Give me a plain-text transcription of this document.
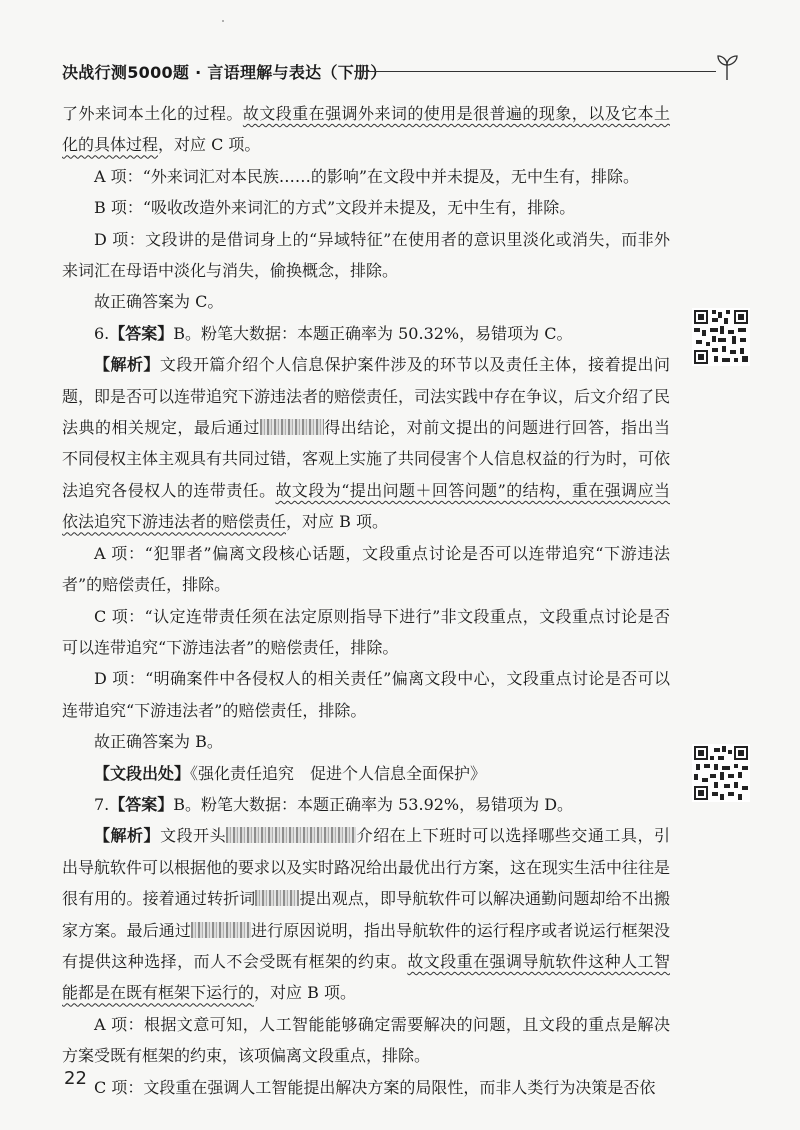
决战行测5000题 · 言语理解与表达（下册）

了外来词本土化的过程。故文段重在强调外来词的使用是很普遍的现象，以及它本土化的具体过程，对应 C 项。

A 项：“外来词汇对本民族……的影响”在文段中并未提及，无中生有，排除。

B 项：“吸收改造外来词汇的方式”文段并未提及，无中生有，排除。

D 项：文段讲的是借词身上的“异域特征”在使用者的意识里淡化或消失，而非外来词汇在母语中淡化与消失，偷换概念，排除。

故正确答案为 C。

6.【答案】B。粉笔大数据：本题正确率为 50.32%，易错项为 C。

【解析】文段开篇介绍个人信息保护案件涉及的环节以及责任主体，接着提出问题，即是否可以连带追究下游违法者的赔偿责任，司法实践中存在争议，后文介绍了民法典的相关规定，最后通过	得出结论，对前文提出的问题进行回答，指出当不同侵权主体主观具有共同过错，客观上实施了共同侵害个人信息权益的行为时，可依法追究各侵权人的连带责任。故文段为“提出问题＋回答问题”的结构，重在强调应当依法追究下游违法者的赔偿责任，对应 B 项。

A 项：“犯罪者”偏离文段核心话题，文段重点讨论是否可以连带追究“下游违法者”的赔偿责任，排除。

C 项：“认定连带责任须在法定原则指导下进行”非文段重点，文段重点讨论是否可以连带追究“下游违法者”的赔偿责任，排除。

D 项：“明确案件中各侵权人的相关责任”偏离文段中心，文段重点讨论是否可以连带追究“下游违法者”的赔偿责任，排除。

故正确答案为 B。

【文段出处】《强化责任追究　促进个人信息全面保护》

7.【答案】B。粉笔大数据：本题正确率为 53.92%，易错项为 D。

【解析】文段开头	介绍在上下班时可以选择哪些交通工具，引出导航软件可以根据他的要求以及实时路况给出最优出行方案，这在现实生活中往往是很有用的。接着通过转折词	提出观点，即导航软件可以解决通勤问题却给不出搬家方案。最后通过	进行原因说明，指出导航软件的运行程序或者说运行框架没有提供这种选择，而人不会受既有框架的约束。故文段重在强调导航软件这种人工智能都是在既有框架下运行的，对应 B 项。

A 项：根据文意可知，人工智能能够确定需要解决的问题，且文段的重点是解决方案受既有框架的约束，该项偏离文段重点，排除。

C 项：文段重在强调人工智能提出解决方案的局限性，而非人类行为决策是否依

22
